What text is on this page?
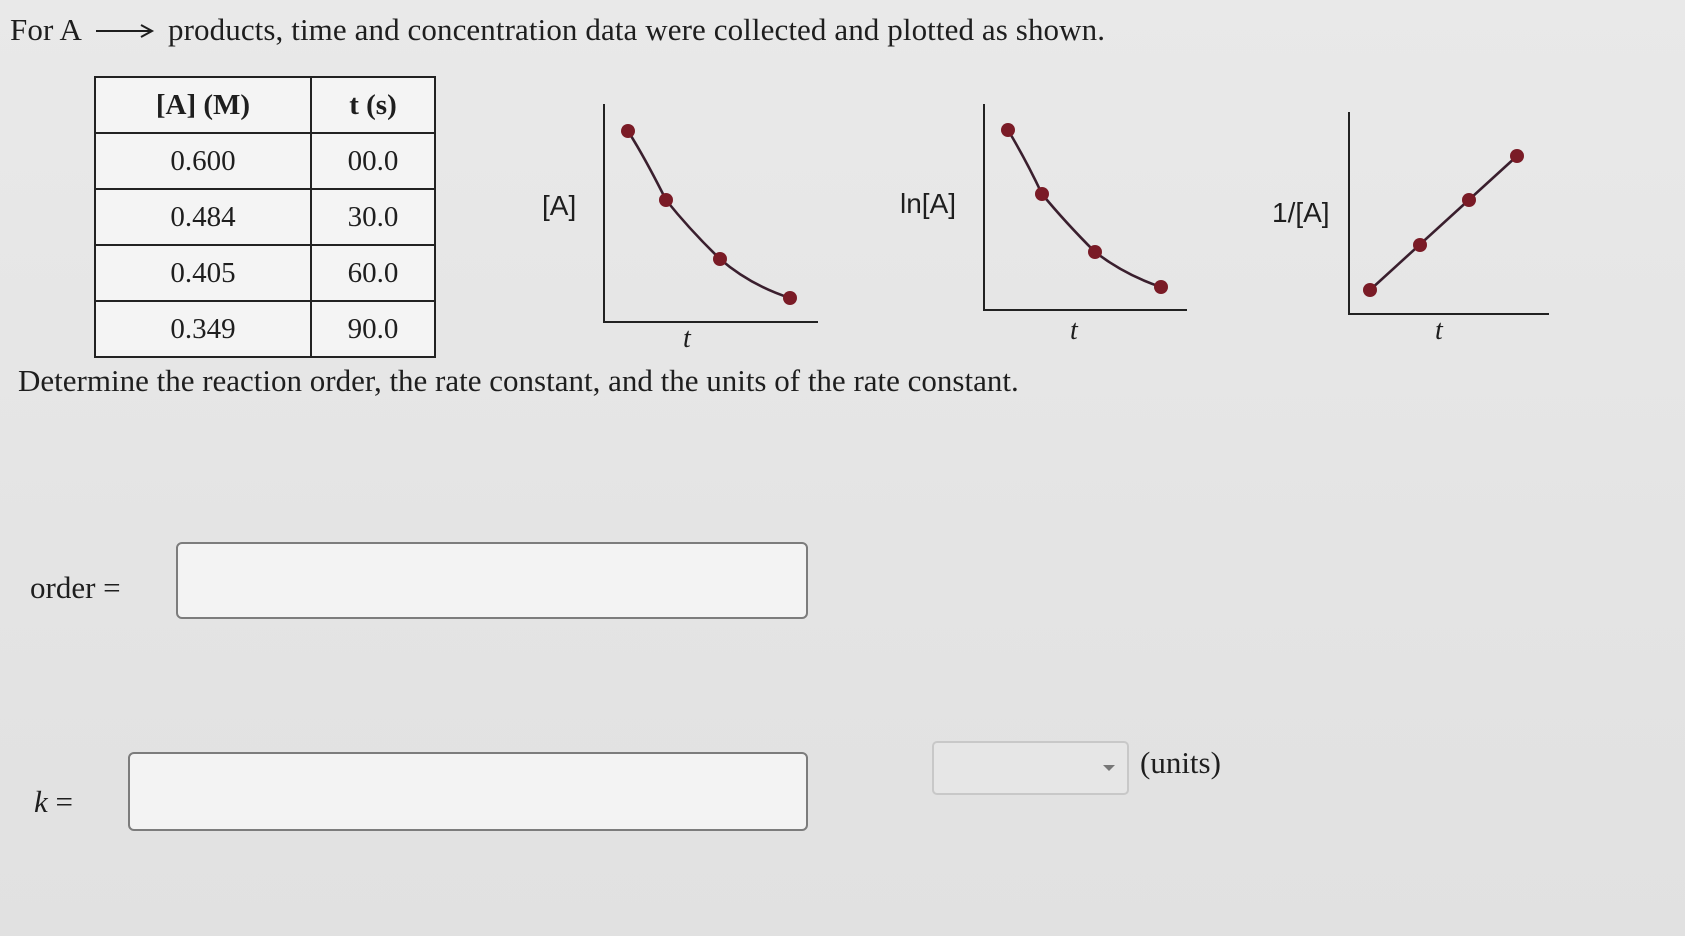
For A → products, time and concentration data were collected and plotted as shown.
[A] (M)	t (s)
0.600	00.0
0.484	30.0
0.405	60.0
0.349	90.0
[A]
t
ln[A]
t
1/[A]
t
Determine the reaction order, the rate constant, and the units of the rate constant.
order =
k =
(units)
